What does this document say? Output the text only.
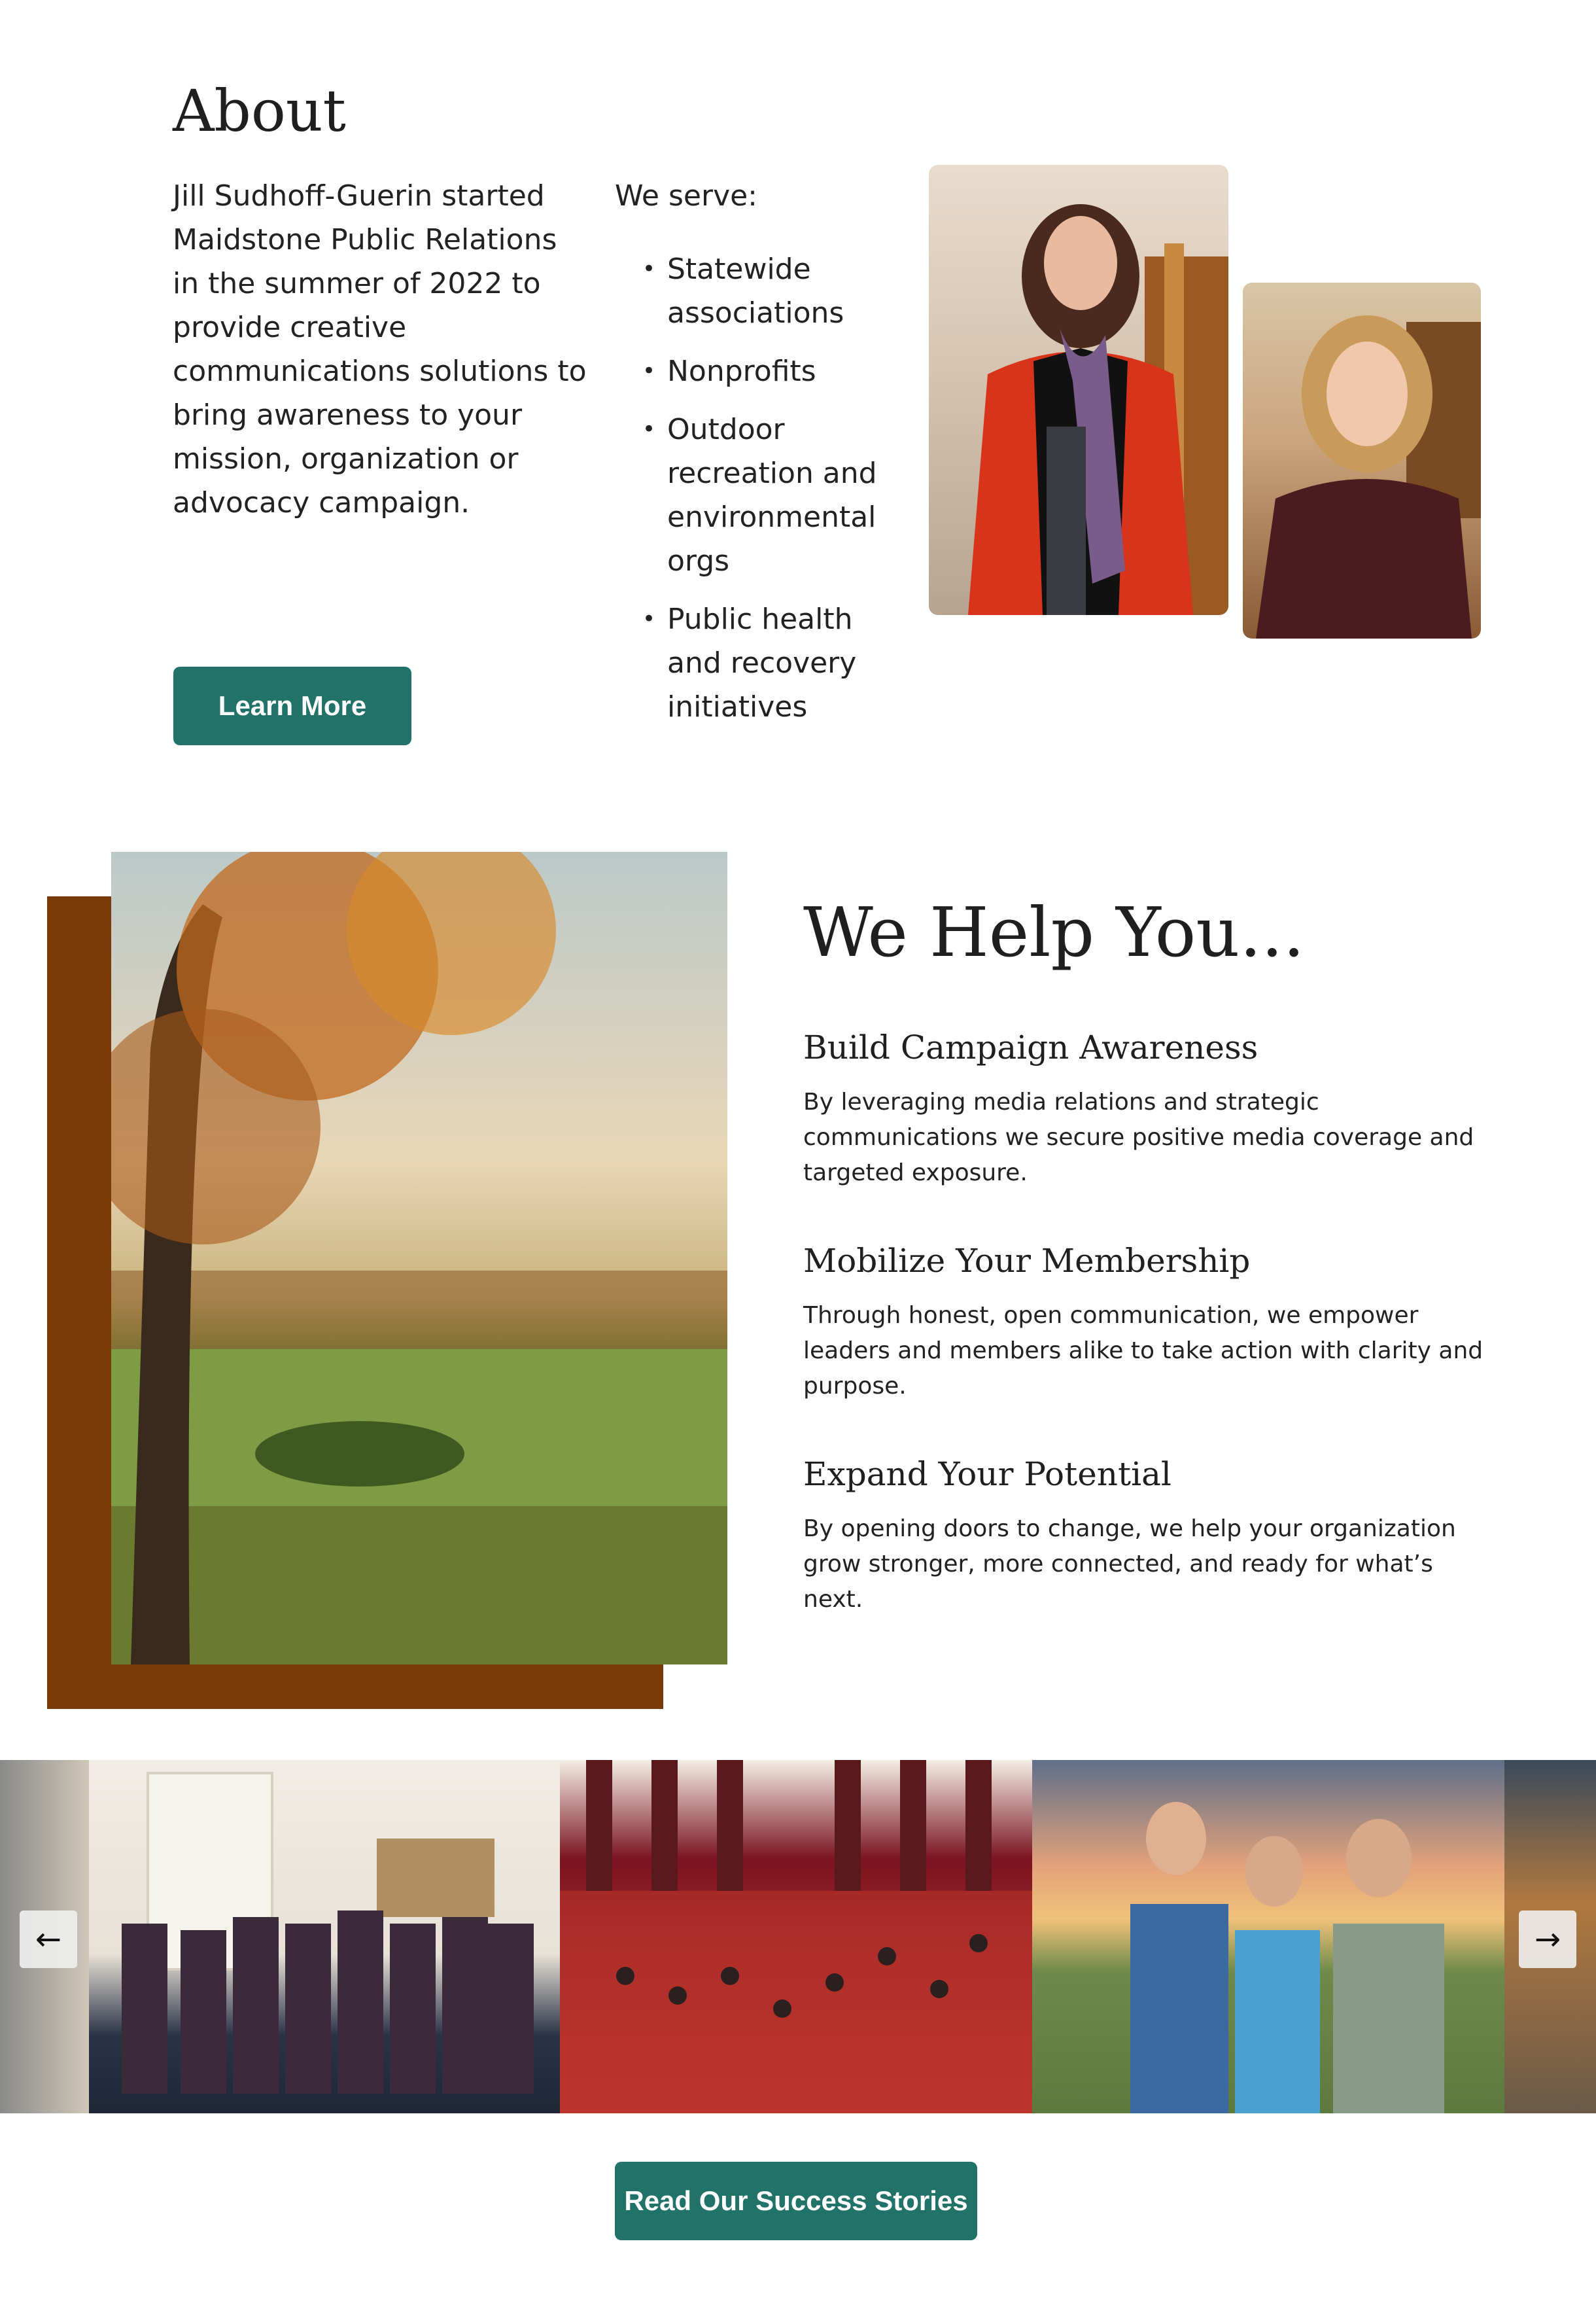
About

Jill Sudhoff-Guerin started Maidstone Public Relations in the summer of 2022 to provide creative communications solutions to bring awareness to your mission, organization or advocacy campaign.

We serve:

• Statewide associations
• Nonprofits
• Outdoor recreation and environmental orgs
• Public health and recovery initiatives
Learn More
We Help You...
Build Campaign Awareness

By leveraging media relations and strategic communications we secure positive media coverage and targeted exposure.

Mobilize Your Membership

Through honest, open communication, we empower leaders and members alike to take action with clarity and purpose.

Expand Your Potential

By opening doors to change, we help your organization grow stronger, more connected, and ready for what’s next.

←	→
Read Our Success Stories
